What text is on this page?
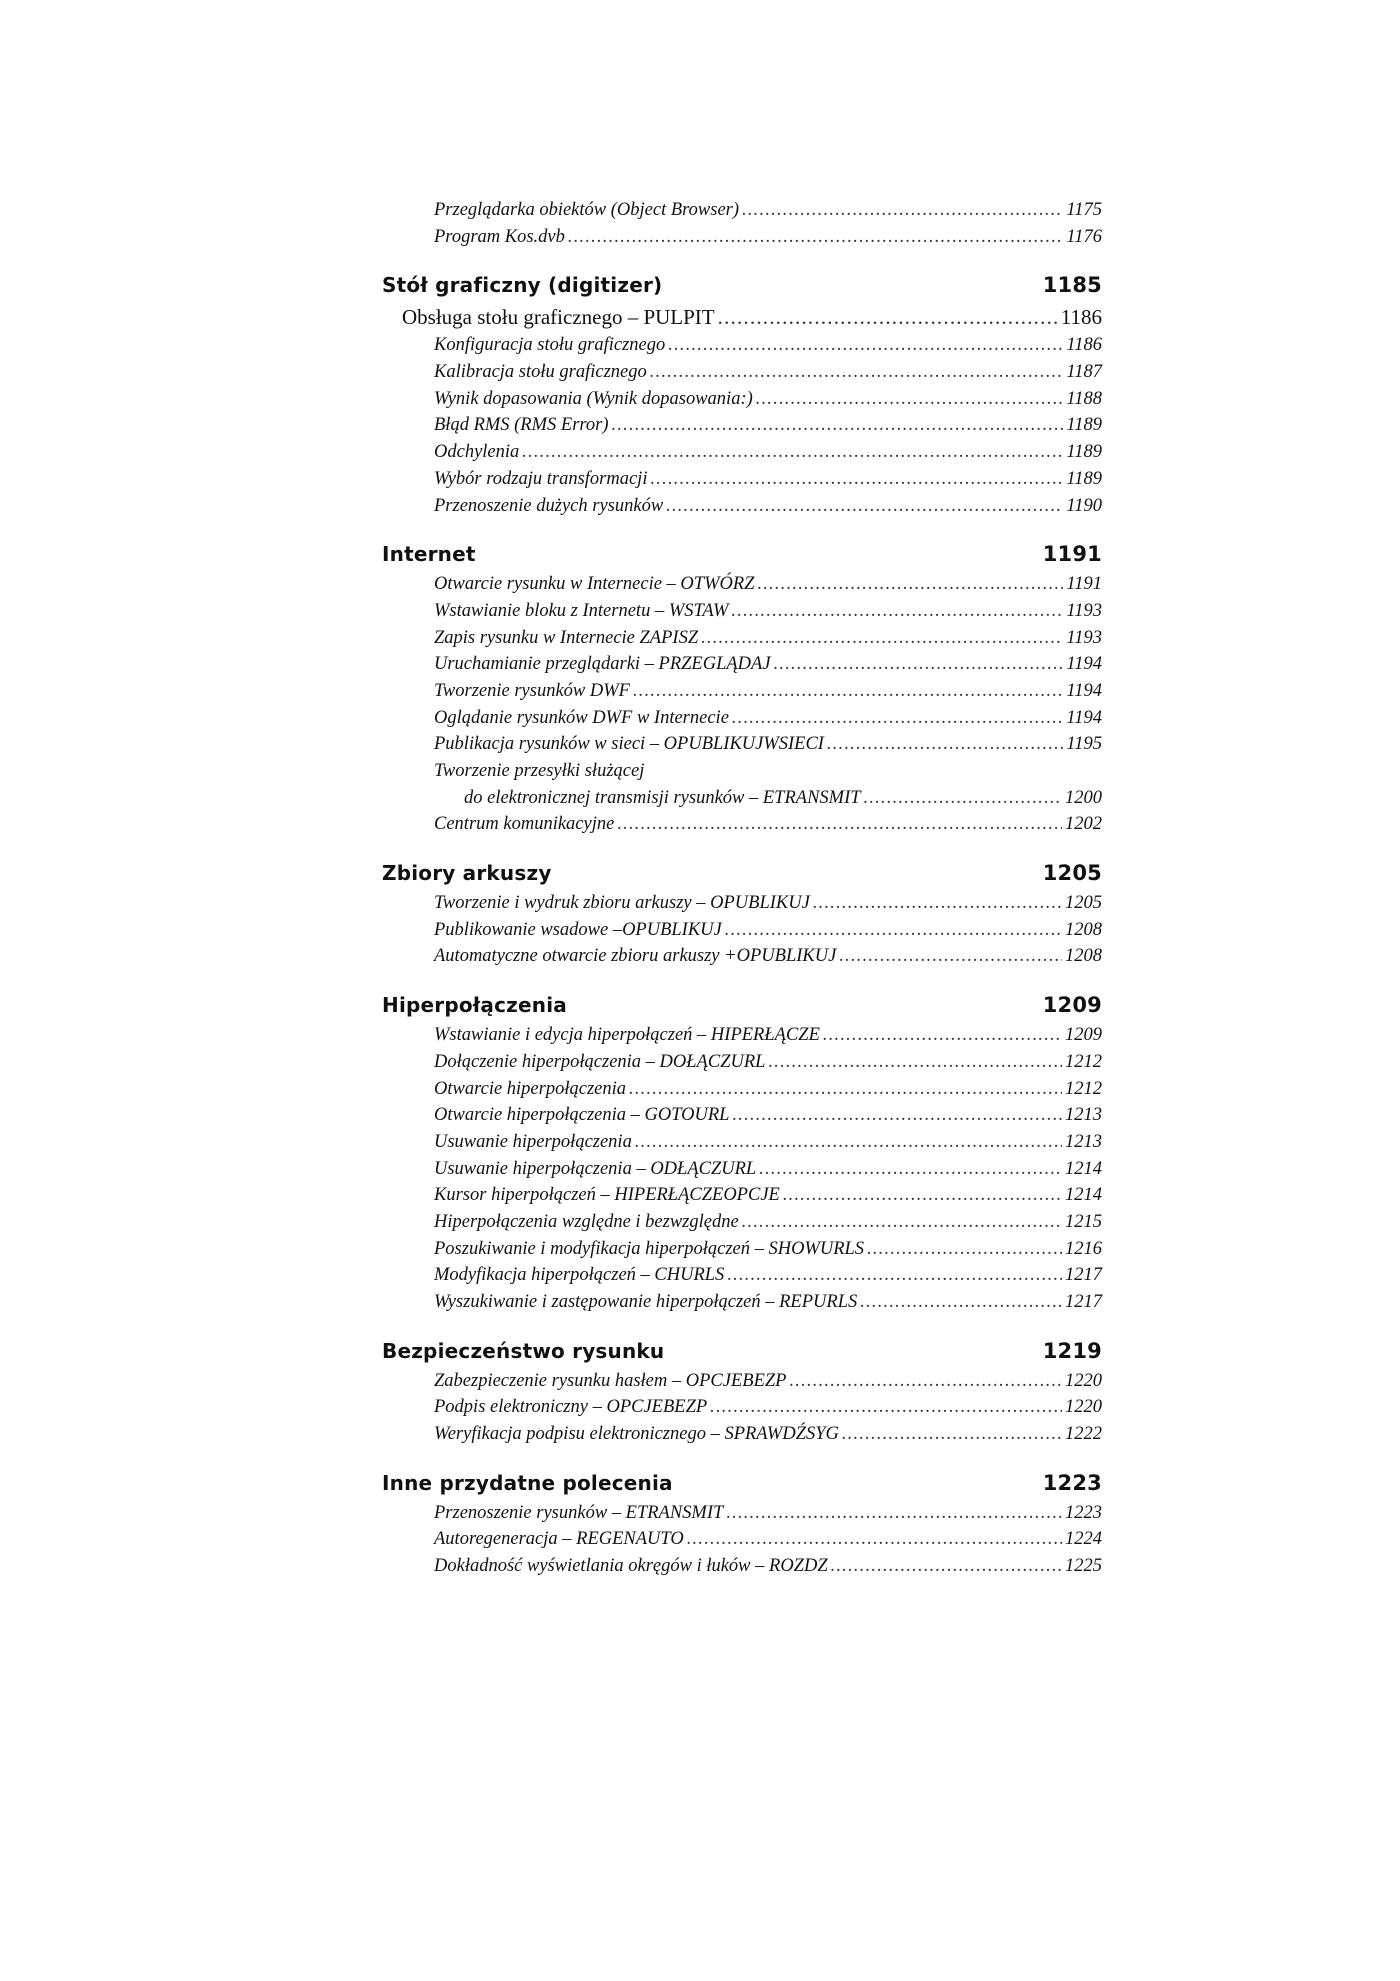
Przeglądarka obiektów (Object Browser) .....	1175
Program Kos.dvb .....	1176
Stół graficzny (digitizer)	1185
Obsługa stołu graficznego – PULPIT .....	1186
Konfiguracja stołu graficznego .....	1186
Kalibracja stołu graficznego .....	1187
Wynik dopasowania (Wynik dopasowania:) .....	1188
Błąd RMS (RMS Error) .....	1189
Odchylenia .....	1189
Wybór rodzaju transformacji .....	1189
Przenoszenie dużych rysunków .....	1190
Internet	1191
Otwarcie rysunku w Internecie – OTWÓRZ .....	1191
Wstawianie bloku z Internetu – WSTAW .....	1193
Zapis rysunku w Internecie ZAPISZ .....	1193
Uruchamianie przeglądarki – PRZEGLĄDAJ .....	1194
Tworzenie rysunków DWF .....	1194
Oglądanie rysunków DWF w Internecie .....	1194
Publikacja rysunków w sieci – OPUBLIKUJWSIECI .....	1195
Tworzenie przesyłki służącej
do elektronicznej transmisji rysunków – ETRANSMIT .....	1200
Centrum komunikacyjne .....	1202
Zbiory arkuszy	1205
Tworzenie i wydruk zbioru arkuszy – OPUBLIKUJ .....	1205
Publikowanie wsadowe –OPUBLIKUJ .....	1208
Automatyczne otwarcie zbioru arkuszy +OPUBLIKUJ .....	1208
Hiperpołączenia	1209
Wstawianie i edycja hiperpołączeń – HIPERŁĄCZE .....	1209
Dołączenie hiperpołączenia – DOŁĄCZURL .....	1212
Otwarcie hiperpołączenia .....	1212
Otwarcie hiperpołączenia – GOTOURL .....	1213
Usuwanie hiperpołączenia .....	1213
Usuwanie hiperpołączenia – ODŁĄCZURL .....	1214
Kursor hiperpołączeń – HIPERŁĄCZEOPCJE .....	1214
Hiperpołączenia względne i bezwzględne .....	1215
Poszukiwanie i modyfikacja hiperpołączeń – SHOWURLS .....	1216
Modyfikacja hiperpołączeń – CHURLS .....	1217
Wyszukiwanie i zastępowanie hiperpołączeń – REPURLS .....	1217
Bezpieczeństwo rysunku	1219
Zabezpieczenie rysunku hasłem – OPCJEBEZP .....	1220
Podpis elektroniczny – OPCJEBEZP .....	1220
Weryfikacja podpisu elektronicznego – SPRAWDŹSYG .....	1222
Inne przydatne polecenia	1223
Przenoszenie rysunków – ETRANSMIT .....	1223
Autoregeneracja – REGENAUTO .....	1224
Dokładność wyświetlania okręgów i łuków – ROZDZ .....	1225
